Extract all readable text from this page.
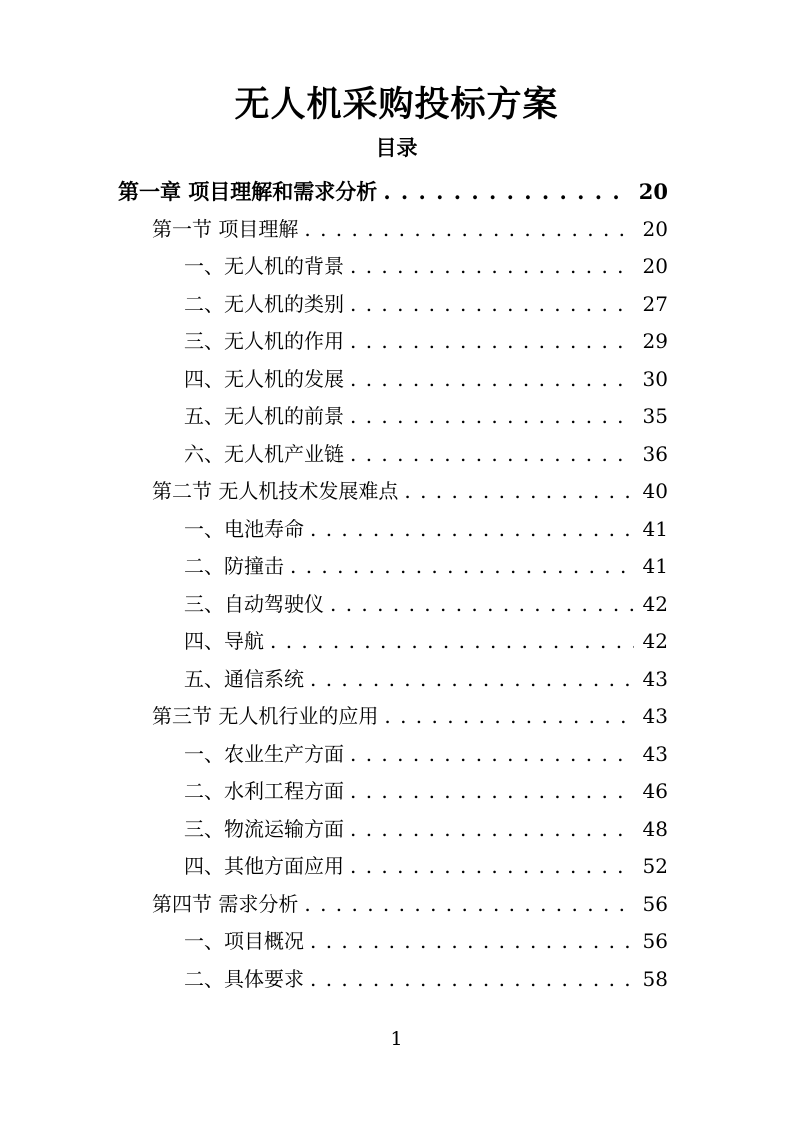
无人机采购投标方案
目录
第一章 项目理解和需求分析 . . .	20
第一节 项目理解 . . .	20
一、无人机的背景 . . .	20
二、无人机的类别 . . .	27
三、无人机的作用 . . .	29
四、无人机的发展 . . .	30
五、无人机的前景 . . .	35
六、无人机产业链 . . .	36
第二节 无人机技术发展难点 . . .	40
一、电池寿命 . . .	41
二、防撞击 . . .	41
三、自动驾驶仪 . . .	42
四、导航 . . .	42
五、通信系统 . . .	43
第三节 无人机行业的应用 . . .	43
一、农业生产方面 . . .	43
二、水利工程方面 . . .	46
三、物流运输方面 . . .	48
四、其他方面应用 . . .	52
第四节 需求分析 . . .	56
一、项目概况 . . .	56
二、具体要求 . . .	58
1
